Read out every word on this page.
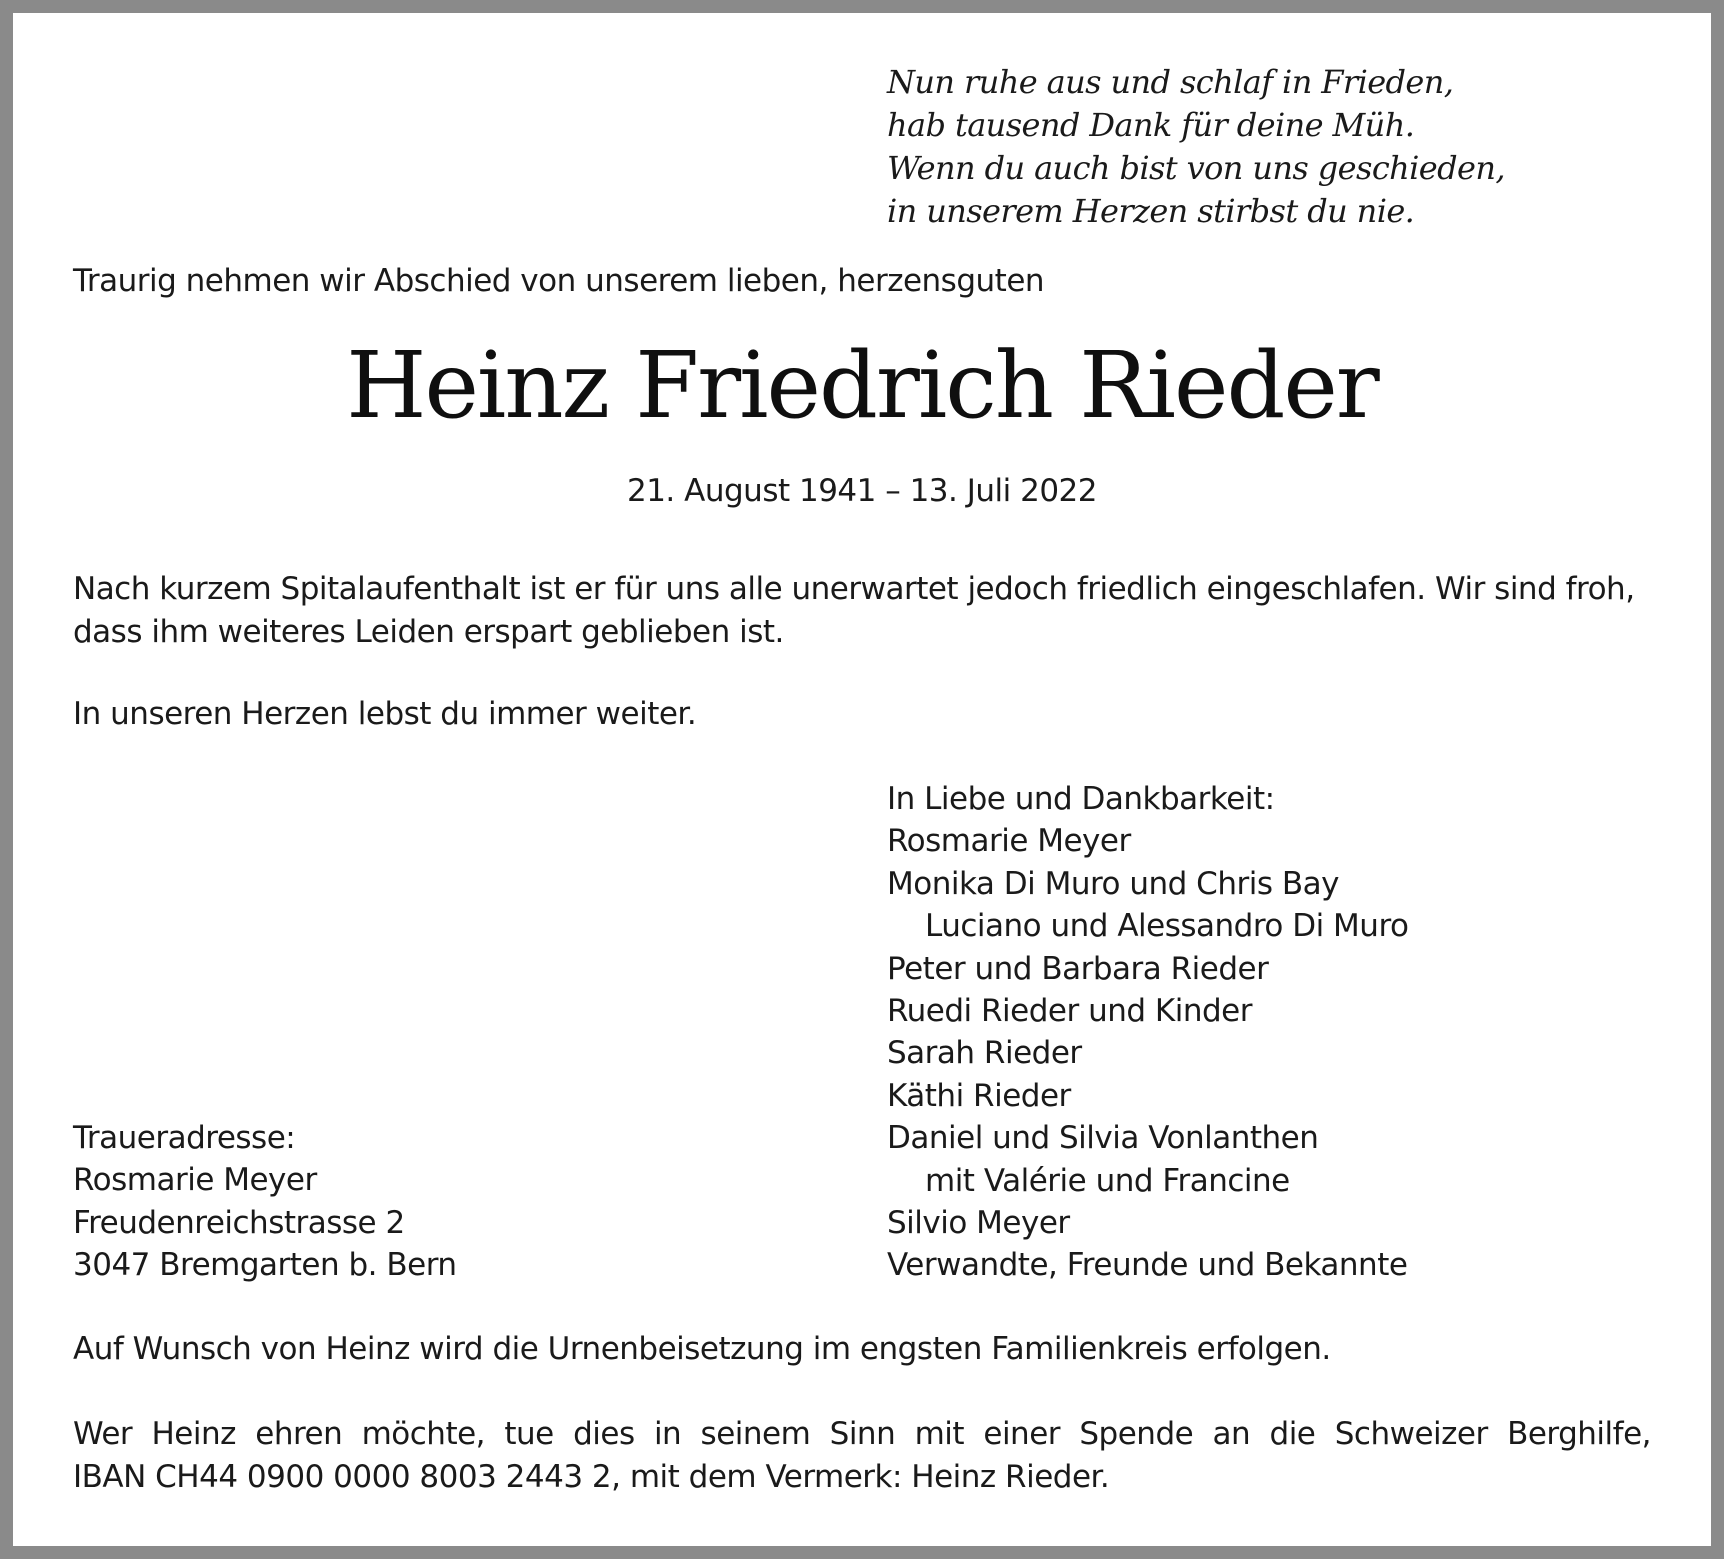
Nun ruhe aus und schlaf in Frieden,
hab tausend Dank für deine Müh.
Wenn du auch bist von uns geschieden,
in unserem Herzen stirbst du nie.
Traurig nehmen wir Abschied von unserem lieben, herzensguten
Heinz Friedrich Rieder
21. August 1941 – 13. Juli 2022
Nach kurzem Spitalaufenthalt ist er für uns alle unerwartet jedoch friedlich eingeschlafen. Wir sind froh, dass ihm weiteres Leiden erspart geblieben ist.
In unseren Herzen lebst du immer weiter.
In Liebe und Dankbarkeit:
Rosmarie Meyer
Monika Di Muro und Chris Bay
Luciano und Alessandro Di Muro
Peter und Barbara Rieder
Ruedi Rieder und Kinder
Sarah Rieder
Käthi Rieder
Daniel und Silvia Vonlanthen
mit Valérie und Francine
Silvio Meyer
Verwandte, Freunde und Bekannte
Traueradresse:
Rosmarie Meyer
Freudenreichstrasse 2
3047 Bremgarten b. Bern
Auf Wunsch von Heinz wird die Urnenbeisetzung im engsten Familienkreis erfolgen.
Wer Heinz ehren möchte, tue dies in seinem Sinn mit einer Spende an die Schweizer Berghilfe,
IBAN CH44 0900 0000 8003 2443 2, mit dem Vermerk: Heinz Rieder.
